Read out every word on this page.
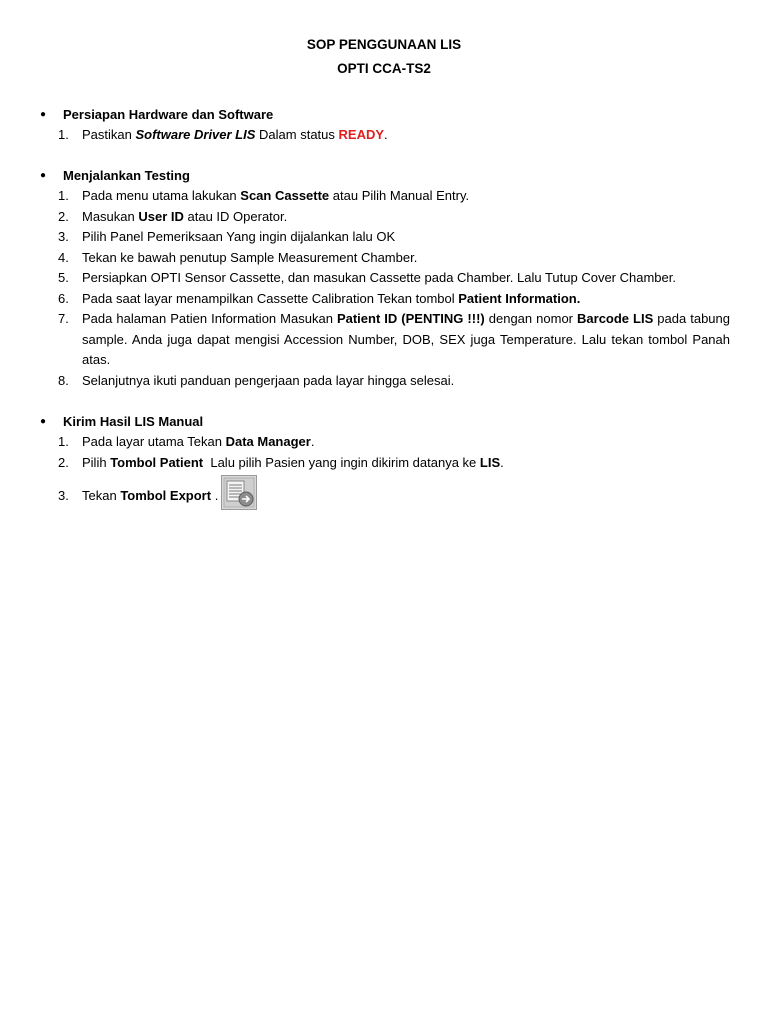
SOP PENGGUNAAN LIS
OPTI CCA-TS2
● Persiapan Hardware dan Software
1. Pastikan Software Driver LIS Dalam status READY.
● Menjalankan Testing
1. Pada menu utama lakukan Scan Cassette atau Pilih Manual Entry.
2. Masukan User ID atau ID Operator.
3. Pilih Panel Pemeriksaan Yang ingin dijalankan lalu OK
4. Tekan ke bawah penutup Sample Measurement Chamber.
5. Persiapkan OPTI Sensor Cassette, dan masukan Cassette pada Chamber. Lalu Tutup Cover Chamber.
6. Pada saat layar menampilkan Cassette Calibration Tekan tombol Patient Information.
7. Pada halaman Patien Information Masukan Patient ID (PENTING !!!) dengan nomor Barcode LIS pada tabung sample. Anda juga dapat mengisi Accession Number, DOB, SEX juga Temperature. Lalu tekan tombol Panah atas.
8. Selanjutnya ikuti panduan pengerjaan pada layar hingga selesai.
● Kirim Hasil LIS Manual
1. Pada layar utama Tekan Data Manager.
2. Pilih Tombol Patient  Lalu pilih Pasien yang ingin dikirim datanya ke LIS.
3. Tekan Tombol Export .
